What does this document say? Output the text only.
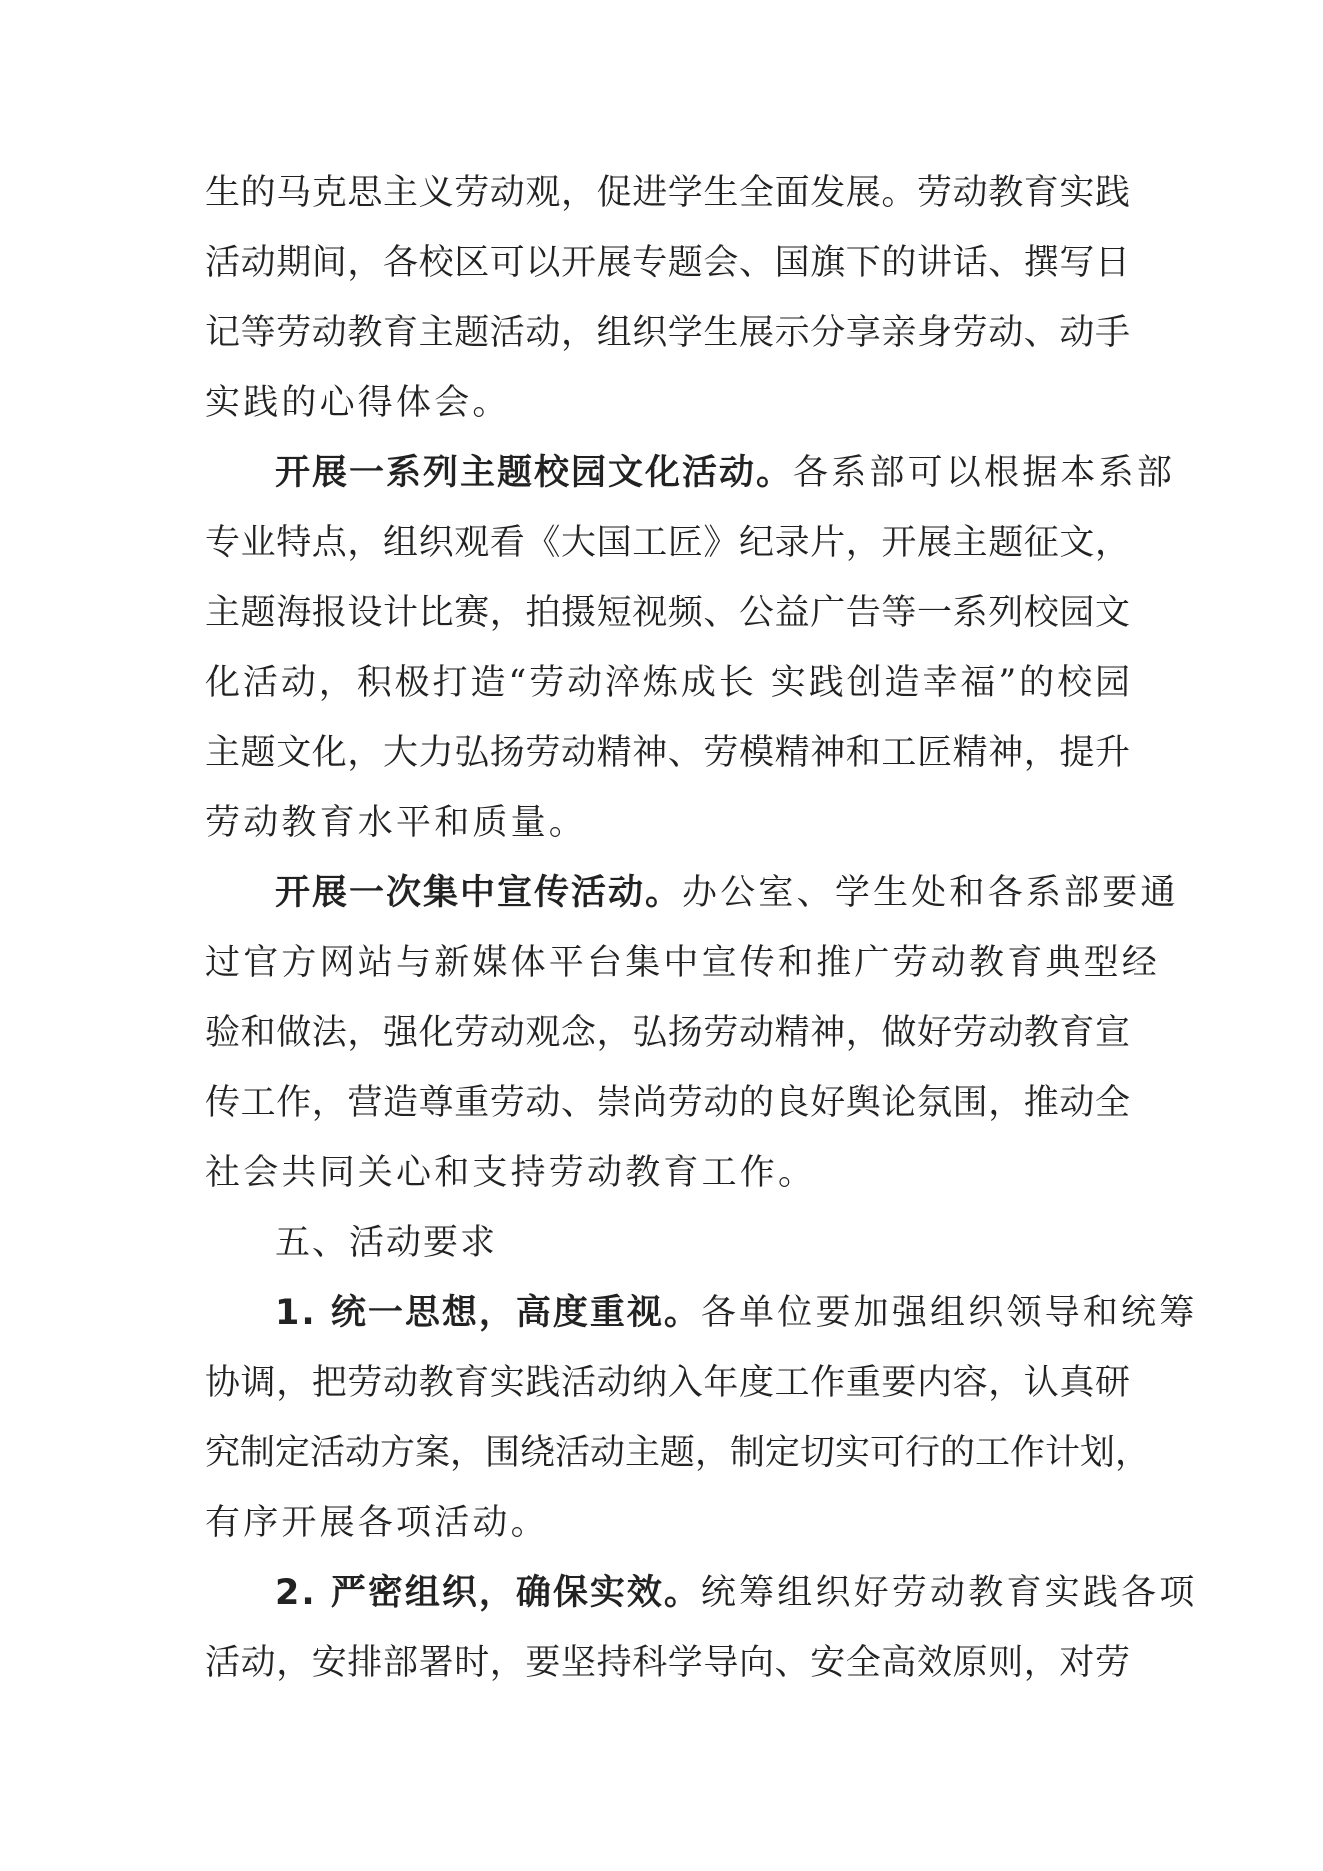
生的马克思主义劳动观，促进学生全面发展。劳动教育实践
活动期间，各校区可以开展专题会、国旗下的讲话、撰写日
记等劳动教育主题活动，组织学生展示分享亲身劳动、动手
实践的心得体会。
开展一系列主题校园文化活动。各系部可以根据本系部
专业特点，组织观看《大国工匠》纪录片，开展主题征文，
主题海报设计比赛，拍摄短视频、公益广告等一系列校园文
化活动，积极打造“劳动淬炼成长 实践创造幸福”的校园
主题文化，大力弘扬劳动精神、劳模精神和工匠精神，提升
劳动教育水平和质量。
开展一次集中宣传活动。办公室、学生处和各系部要通
过官方网站与新媒体平台集中宣传和推广劳动教育典型经
验和做法，强化劳动观念，弘扬劳动精神，做好劳动教育宣
传工作，营造尊重劳动、崇尚劳动的良好舆论氛围，推动全
社会共同关心和支持劳动教育工作。
五、活动要求
1. 统一思想，高度重视。各单位要加强组织领导和统筹
协调，把劳动教育实践活动纳入年度工作重要内容，认真研
究制定活动方案，围绕活动主题，制定切实可行的工作计划，
有序开展各项活动。
2. 严密组织，确保实效。统筹组织好劳动教育实践各项
活动，安排部署时，要坚持科学导向、安全高效原则，对劳
